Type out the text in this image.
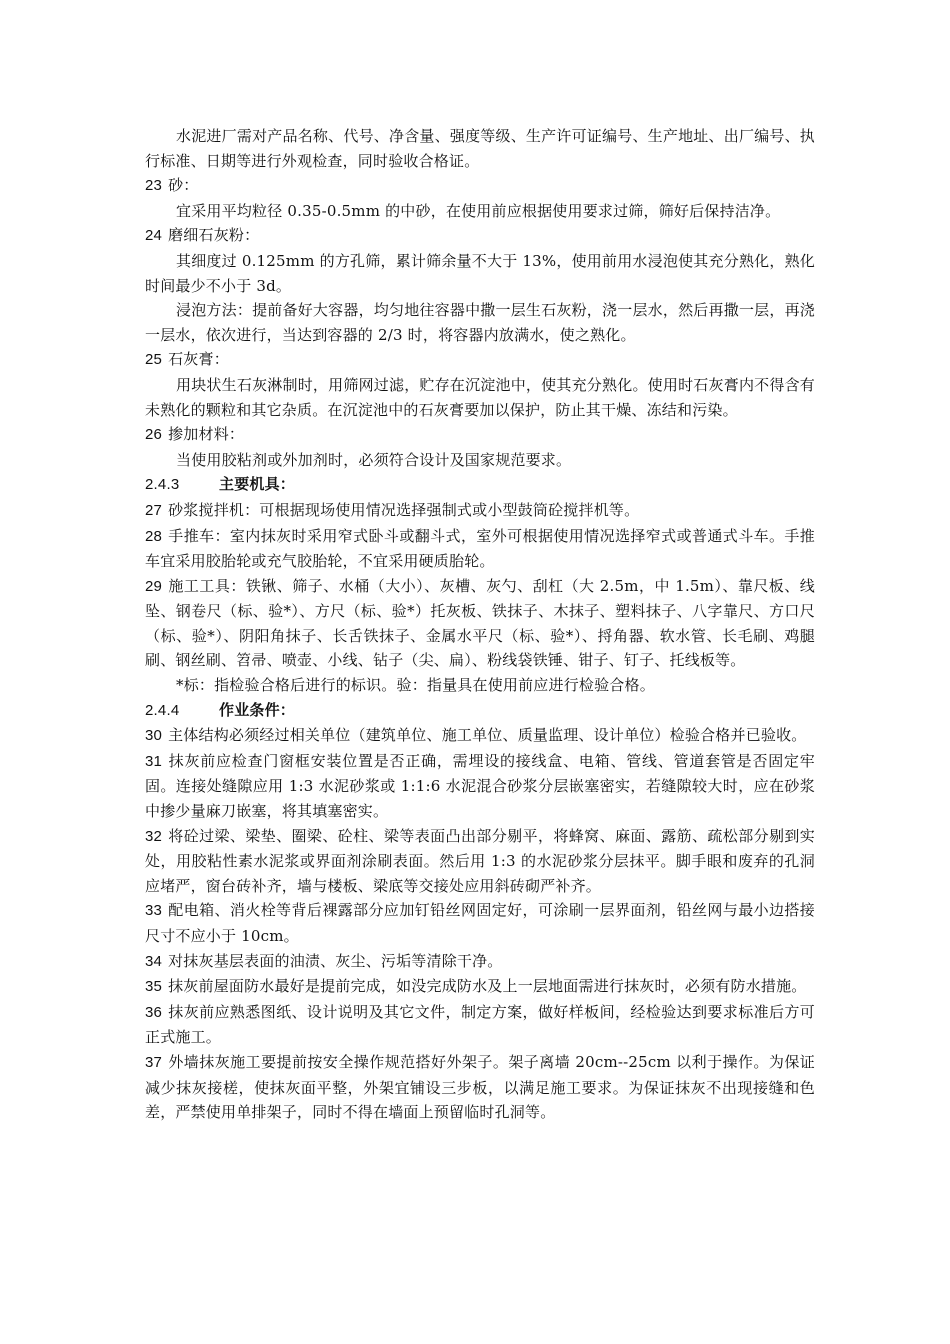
水泥进厂需对产品名称、代号、净含量、强度等级、生产许可证编号、生产地址、出厂编号、执行标准、日期等进行外观检查，同时验收合格证。

23 砂：

宜采用平均粒径 0.35-0.5mm 的中砂，在使用前应根据使用要求过筛，筛好后保持洁净。

24 磨细石灰粉：

其细度过 0.125mm 的方孔筛，累计筛余量不大于 13%，使用前用水浸泡使其充分熟化，熟化时间最少不小于 3d。

浸泡方法：提前备好大容器，均匀地往容器中撒一层生石灰粉，浇一层水，然后再撒一层，再浇一层水，依次进行，当达到容器的 2/3 时，将容器内放满水，使之熟化。

25 石灰膏：

用块状生石灰淋制时，用筛网过滤，贮存在沉淀池中，使其充分熟化。使用时石灰膏内不得含有未熟化的颗粒和其它杂质。在沉淀池中的石灰膏要加以保护，防止其干燥、冻结和污染。

26 掺加材料：

当使用胶粘剂或外加剂时，必须符合设计及国家规范要求。

2.4.3	主要机具：

27 砂浆搅拌机：可根据现场使用情况选择强制式或小型鼓筒砼搅拌机等。

28 手推车：室内抹灰时采用窄式卧斗或翻斗式，室外可根据使用情况选择窄式或普通式斗车。手推车宜采用胶胎轮或充气胶胎轮，不宜采用硬质胎轮。

29 施工工具：铁锹、筛子、水桶（大小）、灰槽、灰勺、刮杠（大 2.5m，中 1.5m）、靠尺板、线坠、钢卷尺（标、验*）、方尺（标、验*）托灰板、铁抹子、木抹子、塑料抹子、八字靠尺、方口尺（标、验*）、阴阳角抹子、长舌铁抹子、金属水平尺（标、验*）、捋角器、软水管、长毛刷、鸡腿刷、钢丝刷、笤帚、喷壶、小线、钻子（尖、扁）、粉线袋铁锤、钳子、钉子、托线板等。

*标：指检验合格后进行的标识。验：指量具在使用前应进行检验合格。

2.4.4	作业条件：

30 主体结构必须经过相关单位（建筑单位、施工单位、质量监理、设计单位）检验合格并已验收。

31 抹灰前应检查门窗框安装位置是否正确，需埋设的接线盒、电箱、管线、管道套管是否固定牢固。连接处缝隙应用 1:3 水泥砂浆或 1:1:6 水泥混合砂浆分层嵌塞密实，若缝隙较大时，应在砂浆中掺少量麻刀嵌塞，将其填塞密实。

32 将砼过梁、梁垫、圈梁、砼柱、梁等表面凸出部分剔平，将蜂窝、麻面、露筋、疏松部分剔到实处，用胶粘性素水泥浆或界面剂涂刷表面。然后用 1:3 的水泥砂浆分层抹平。脚手眼和废弃的孔洞应堵严，窗台砖补齐，墙与楼板、梁底等交接处应用斜砖砌严补齐。

33 配电箱、消火栓等背后裸露部分应加钉铅丝网固定好，可涂刷一层界面剂，铅丝网与最小边搭接尺寸不应小于 10cm。

34 对抹灰基层表面的油渍、灰尘、污垢等清除干净。

35 抹灰前屋面防水最好是提前完成，如没完成防水及上一层地面需进行抹灰时，必须有防水措施。

36 抹灰前应熟悉图纸、设计说明及其它文件，制定方案，做好样板间，经检验达到要求标准后方可正式施工。

37 外墙抹灰施工要提前按安全操作规范搭好外架子。架子离墙 20cm--25cm 以利于操作。为保证减少抹灰接槎，使抹灰面平整，外架宜铺设三步板，以满足施工要求。为保证抹灰不出现接缝和色差，严禁使用单排架子，同时不得在墙面上预留临时孔洞等。
